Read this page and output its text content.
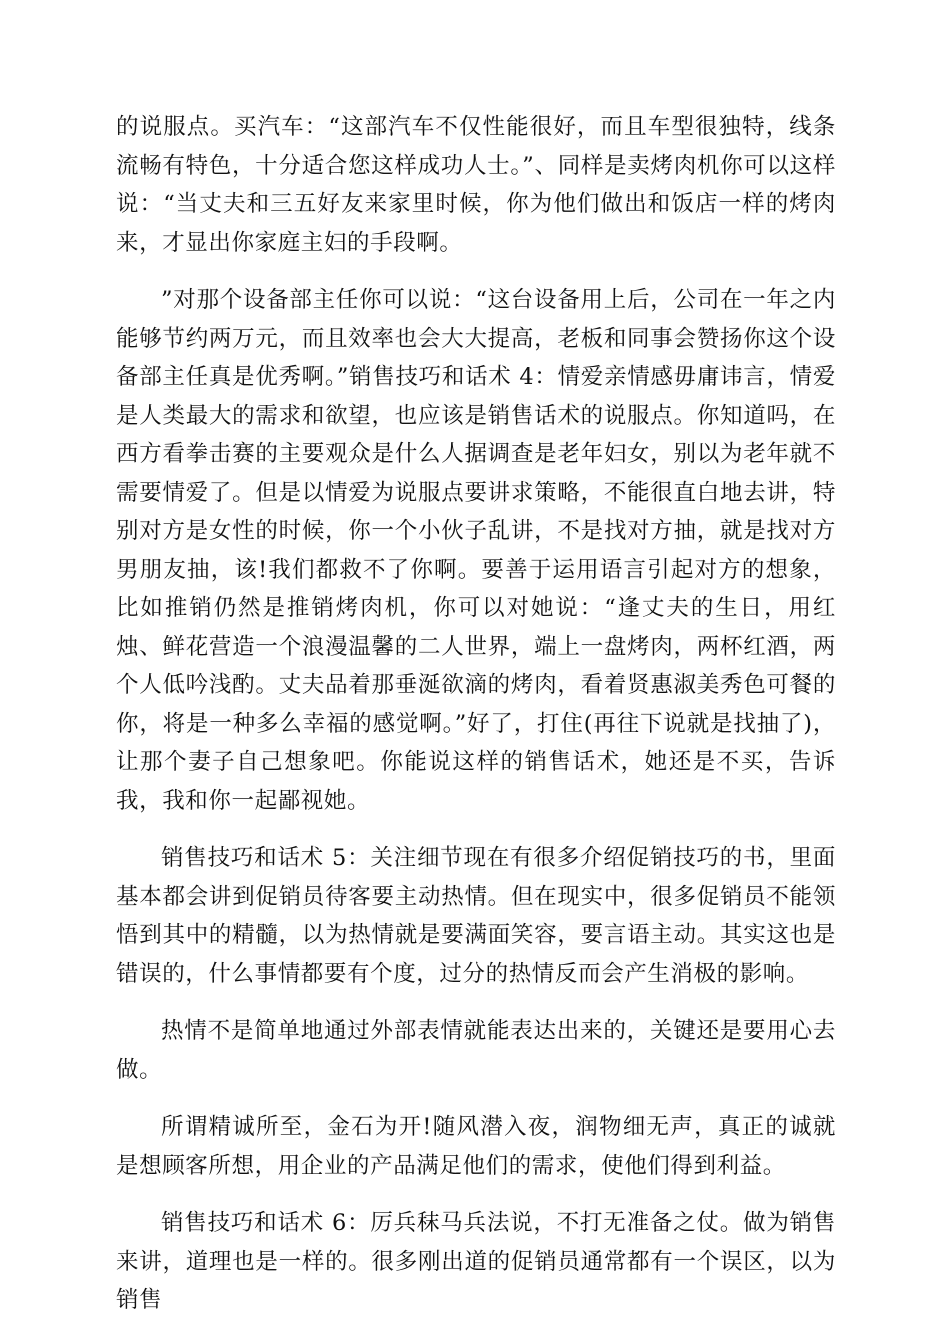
的说服点。买汽车：“这部汽车不仅性能很好，而且车型很独特，线条流畅有特色，十分适合您这样成功人士。”、同样是卖烤肉机你可以这样说：“当丈夫和三五好友来家里时候，你为他们做出和饭店一样的烤肉来，才显出你家庭主妇的手段啊。

”对那个设备部主任你可以说：“这台设备用上后，公司在一年之内能够节约两万元，而且效率也会大大提高，老板和同事会赞扬你这个设备部主任真是优秀啊。”销售技巧和话术 4：情爱亲情感毋庸讳言，情爱是人类最大的需求和欲望，也应该是销售话术的说服点。你知道吗，在西方看拳击赛的主要观众是什么人据调查是老年妇女，别以为老年就不需要情爱了。但是以情爱为说服点要讲求策略，不能很直白地去讲，特别对方是女性的时候，你一个小伙子乱讲，不是找对方抽，就是找对方男朋友抽，该!我们都救不了你啊。要善于运用语言引起对方的想象，比如推销仍然是推销烤肉机，你可以对她说：“逢丈夫的生日，用红烛、鲜花营造一个浪漫温馨的二人世界，端上一盘烤肉，两杯红酒，两个人低吟浅酌。丈夫品着那垂涎欲滴的烤肉，看着贤惠淑美秀色可餐的你，将是一种多么幸福的感觉啊。”好了，打住(再往下说就是找抽了)，让那个妻子自己想象吧。你能说这样的销售话术，她还是不买，告诉我，我和你一起鄙视她。

销售技巧和话术 5：关注细节现在有很多介绍促销技巧的书，里面基本都会讲到促销员待客要主动热情。但在现实中，很多促销员不能领悟到其中的精髓，以为热情就是要满面笑容，要言语主动。其实这也是错误的，什么事情都要有个度，过分的热情反而会产生消极的影响。

热情不是简单地通过外部表情就能表达出来的，关键还是要用心去做。

所谓精诚所至，金石为开!随风潜入夜，润物细无声，真正的诚就是想顾客所想，用企业的产品满足他们的需求，使他们得到利益。

销售技巧和话术 6：厉兵秣马兵法说，不打无准备之仗。做为销售来讲，道理也是一样的。很多刚出道的促销员通常都有一个误区，以为销售
